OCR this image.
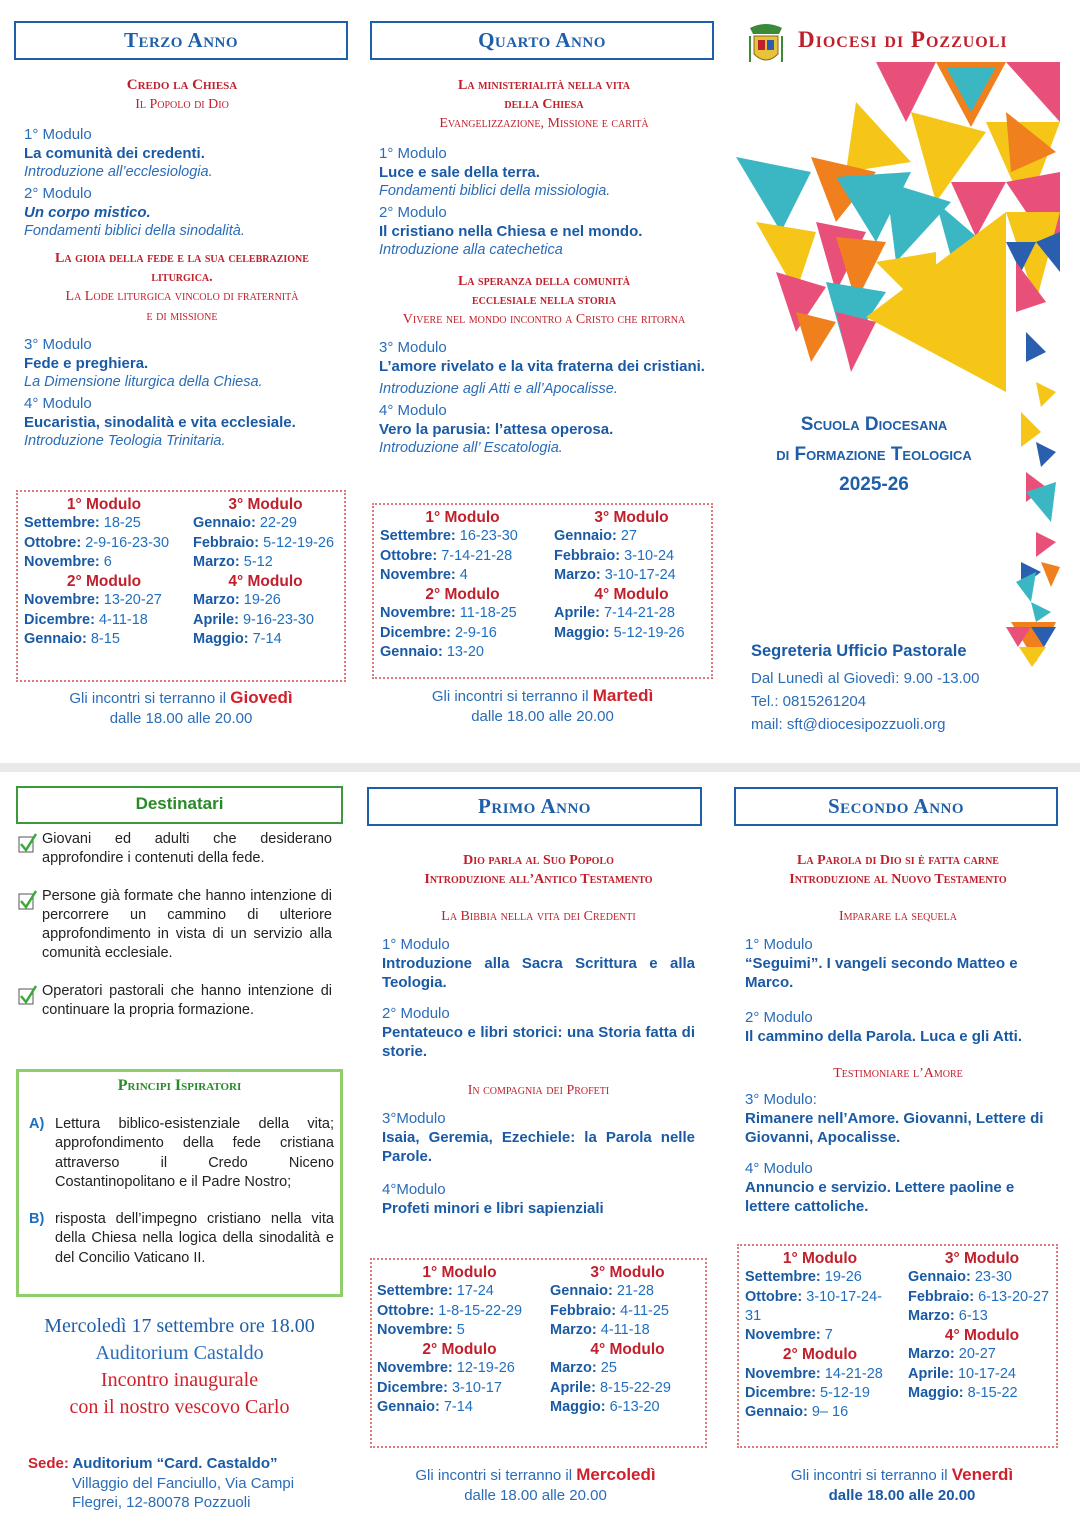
Terzo Anno
Credo la Chiesa
Il Popolo di Dio
1° Modulo
La comunità dei credenti.
Introduzione all’ecclesiologia.
2° Modulo
Un corpo mistico.
Fondamenti biblici della sinodalità.
La gioia della fede e la sua celebrazione
liturgica.
La Lode liturgica vincolo di fraternità
e di missione
3° Modulo
Fede e preghiera.
La Dimensione liturgica della Chiesa.
4° Modulo
Eucaristia, sinodalità e vita ecclesiale.
Introduzione Teologia Trinitaria.
1° Modulo
Settembre: 18-25
Ottobre: 2-9-16-23-30
Novembre: 6
2° Modulo
Novembre: 13-20-27
Dicembre: 4-11-18
Gennaio: 8-15
3° Modulo
Gennaio: 22-29
Febbraio: 5-12-19-26
Marzo: 5-12
4° Modulo
Marzo: 19-26
Aprile: 9-16-23-30
Maggio: 7-14
Gli incontri si terranno il Giovedì
dalle 18.00 alle 20.00
Quarto Anno
La ministerialità nella vita
della Chiesa
Evangelizzazione, Missione e carità
1° Modulo
Luce e sale della terra.
Fondamenti biblici della missiologia.
2° Modulo
Il cristiano nella Chiesa e nel mondo.
Introduzione alla catechetica
La speranza della comunità
ecclesiale nella storia
Vivere nel mondo incontro a Cristo che ritorna
3° Modulo
L’amore rivelato e la vita fraterna dei cristiani.
Introduzione agli Atti e all’Apocalisse.
4° Modulo
Vero la parusia: l’attesa operosa.
Introduzione all’ Escatologia.
1° Modulo
Settembre: 16-23-30
Ottobre: 7-14-21-28
Novembre: 4
2° Modulo
Novembre: 11-18-25
Dicembre: 2-9-16
Gennaio: 13-20
3° Modulo
Gennaio: 27
Febbraio: 3-10-24
Marzo: 3-10-17-24
4° Modulo
Aprile: 7-14-21-28
Maggio: 5-12-19-26
Gli incontri si terranno il Martedì
dalle 18.00 alle 20.00
Diocesi di Pozzuoli
Scuola Diocesana
di Formazione Teologica
2025-26
Segreteria Ufficio Pastorale
Dal Lunedì al Giovedì: 9.00 -13.00
Tel.: 0815261204
mail: sft@diocesipozzuoli.org
Destinatari
Giovani ed adulti che desiderano approfondire i contenuti della fede.
Persone già formate che hanno intenzione di percorrere un cammino di ulteriore approfondimento in vista di un servizio alla comunità ecclesiale.
Operatori pastorali che hanno intenzione di continuare la propria formazione.
Principi Ispiratori
A) Lettura biblico-esistenziale della vita; approfondimento della fede cristiana attraverso il Credo Niceno Costantinopolitano e il Padre Nostro;
B) risposta dell’impegno cristiano nella vita della Chiesa nella logica della sinodalità e del Concilio Vaticano II.
Mercoledì 17 settembre ore 18.00
Auditorium Castaldo
Incontro inaugurale
con il nostro vescovo Carlo
Sede: Auditorium “Card. Castaldo”
Villaggio del Fanciullo, Via Campi
Flegrei, 12-80078 Pozzuoli
Primo Anno
Dio parla al Suo Popolo
Introduzione all’Antico Testamento
La Bibbia nella vita dei Credenti
1° Modulo
Introduzione alla Sacra Scrittura e alla Teologia.
2° Modulo
Pentateuco e libri storici: una Storia fatta di storie.
In compagnia dei Profeti
3°Modulo
Isaia, Geremia, Ezechiele: la Parola nelle Parole.
4°Modulo
Profeti minori e libri sapienziali
1° Modulo
Settembre: 17-24
Ottobre: 1-8-15-22-29
Novembre: 5
2° Modulo
Novembre: 12-19-26
Dicembre: 3-10-17
Gennaio: 7-14
3° Modulo
Gennaio: 21-28
Febbraio: 4-11-25
Marzo: 4-11-18
4° Modulo
Marzo: 25
Aprile: 8-15-22-29
Maggio: 6-13-20
Gli incontri si terranno il Mercoledì
dalle 18.00 alle 20.00
Secondo Anno
La Parola di Dio si è fatta carne
Introduzione al Nuovo Testamento
Imparare la sequela
1° Modulo
“Seguimi”. I vangeli secondo Matteo e Marco.
2° Modulo
Il cammino della Parola. Luca e gli Atti.
Testimoniare l’Amore
3° Modulo:
Rimanere nell’Amore. Giovanni, Lettere di Giovanni, Apocalisse.
4° Modulo
Annuncio e servizio. Lettere paoline e lettere cattoliche.
1° Modulo
Settembre: 19-26
Ottobre: 3-10-17-24-31
Novembre: 7
2° Modulo
Novembre: 14-21-28
Dicembre: 5-12-19
Gennaio: 9– 16
3° Modulo
Gennaio: 23-30
Febbraio: 6-13-20-27
Marzo: 6-13
4° Modulo
Marzo: 20-27
Aprile: 10-17-24
Maggio: 8-15-22
Gli incontri si terranno il Venerdì
dalle 18.00 alle 20.00
